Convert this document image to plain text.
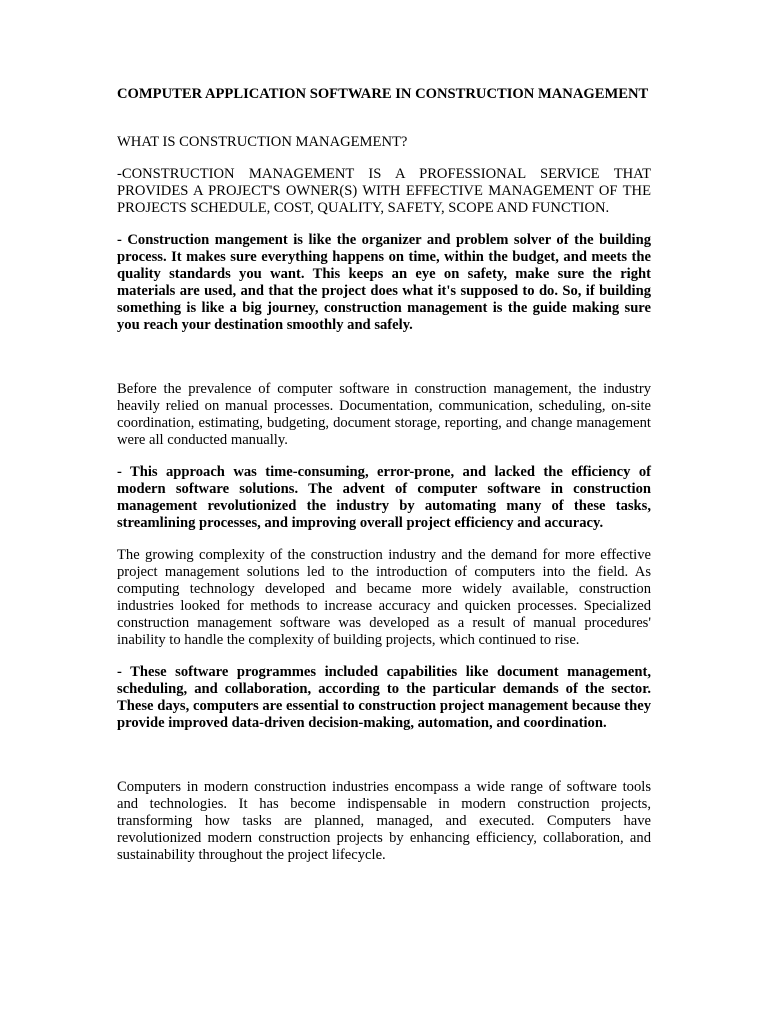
COMPUTER APPLICATION SOFTWARE IN CONSTRUCTION MANAGEMENT
WHAT IS CONSTRUCTION MANAGEMENT?

-CONSTRUCTION MANAGEMENT IS A PROFESSIONAL SERVICE THAT PROVIDES A PROJECT'S OWNER(S) WITH EFFECTIVE MANAGEMENT OF THE PROJECTS SCHEDULE, COST, QUALITY, SAFETY, SCOPE AND FUNCTION.

- Construction mangement is like the organizer and problem solver of the building process. It makes sure everything happens on time, within the budget, and meets the quality standards you want. This keeps an eye on safety, make sure the right materials are used, and that the project does what it's supposed to do. So, if building something is like a big journey, construction management is the guide making sure you reach your destination smoothly and safely.

Before the prevalence of computer software in construction management, the industry heavily relied on manual processes. Documentation, communication, scheduling, on-site coordination, estimating, budgeting, document storage, reporting, and change management were all conducted manually.

- This approach was time-consuming, error-prone, and lacked the efficiency of modern software solutions. The advent of computer software in construction management revolutionized the industry by automating many of these tasks, streamlining processes, and improving overall project efficiency and accuracy.

The growing complexity of the construction industry and the demand for more effective project management solutions led to the introduction of computers into the field. As computing technology developed and became more widely available, construction industries looked for methods to increase accuracy and quicken processes. Specialized construction management software was developed as a result of manual procedures' inability to handle the complexity of building projects, which continued to rise.

- These software programmes included capabilities like document management, scheduling, and collaboration, according to the particular demands of the sector. These days, computers are essential to construction project management because they provide improved data-driven decision-making, automation, and coordination.

Computers in modern construction industries encompass a wide range of software tools and technologies. It has become indispensable in modern construction projects, transforming how tasks are planned, managed, and executed. Computers have revolutionized modern construction projects by enhancing efficiency, collaboration, and sustainability throughout the project lifecycle.
